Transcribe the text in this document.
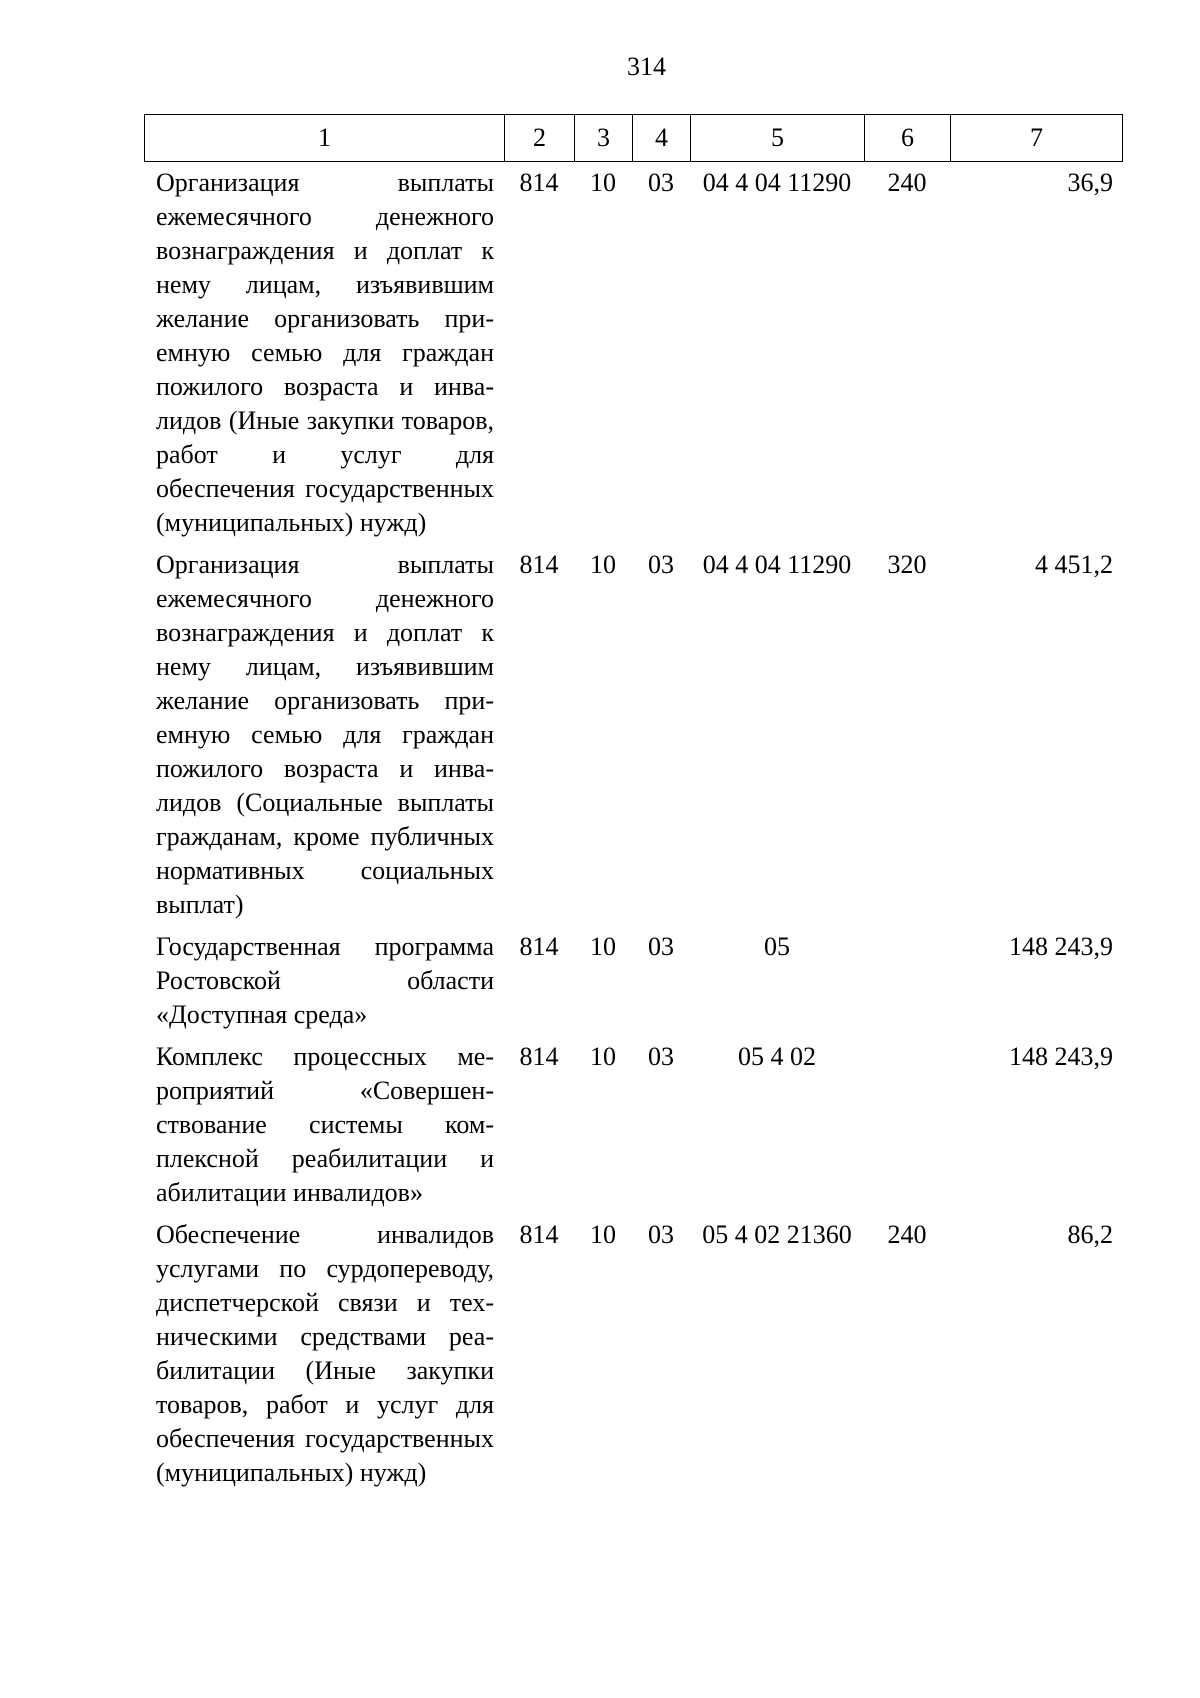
314
1	2	3	4	5	6	7
Организация выплаты ежемесячного денежного вознаграждения и доплат к нему лицам, изъявившим желание организовать приемную семью для граждан пожилого возраста и инвалидов (Иные закупки товаров, работ и услуг для обеспечения государственных (муниципальных) нужд)	814	10	03	04 4 04 11290	240	36,9
Организация выплаты ежемесячного денежного вознаграждения и доплат к нему лицам, изъявившим желание организовать приемную семью для граждан пожилого возраста и инвалидов (Социальные выплаты гражданам, кроме публичных нормативных социальных выплат)	814	10	03	04 4 04 11290	320	4 451,2
Государственная программа Ростовской области «Доступная среда»	814	10	03	05		148 243,9
Комплекс процессных мероприятий «Совершенствование системы комплексной реабилитации и абилитации инвалидов»	814	10	03	05 4 02		148 243,9
Обеспечение инвалидов услугами по сурдопереводу, диспетчерской связи и техническими средствами реабилитации (Иные закупки товаров, работ и услуг для обеспечения государственных (муниципальных) нужд)	814	10	03	05 4 02 21360	240	86,2
